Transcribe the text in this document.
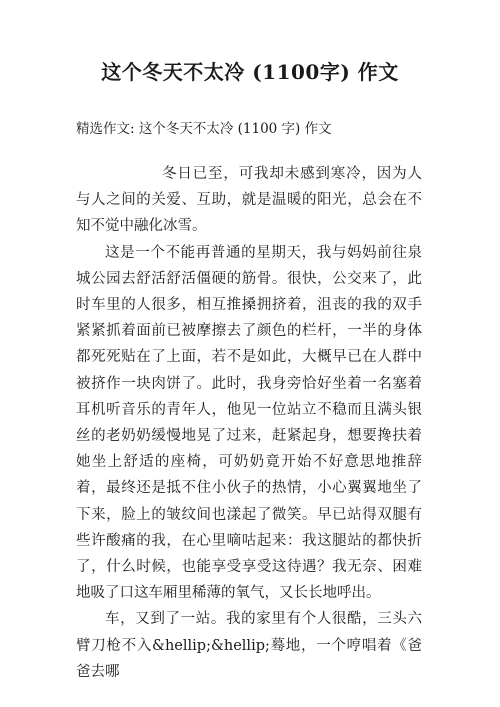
这个冬天不太冷 (1100字) 作文

精选作文: 这个冬天不太冷 (1100 字) 作文

冬日已至，可我却未感到寒冷，因为人与人之间的关爱、互助，就是温暖的阳光，总会在不知不觉中融化冰雪。

这是一个不能再普通的星期天，我与妈妈前往泉城公园去舒活舒活僵硬的筋骨。很快，公交来了，此时车里的人很多，相互推搡拥挤着，沮丧的我的双手紧紧抓着面前已被摩擦去了颜色的栏杆，一半的身体都死死贴在了上面，若不是如此，大概早已在人群中被挤作一块肉饼了。此时，我身旁恰好坐着一名塞着耳机听音乐的青年人，他见一位站立不稳而且满头银丝的老奶奶缓慢地晃了过来，赶紧起身，想要搀扶着她坐上舒适的座椅，可奶奶竟开始不好意思地推辞着，最终还是抵不住小伙子的热情，小心翼翼地坐了下来，脸上的皱纹间也漾起了微笑。早已站得双腿有些许酸痛的我，在心里嘀咕起来：我这腿站的都快折了，什么时候，也能享受享受这待遇？我无奈、困难地吸了口这车厢里稀薄的氧气，又长长地呼出。

车，又到了一站。我的家里有个人很酷，三头六臂刀枪不入&hellip;&hellip;蓦地，一个哼唱着《爸爸去哪
